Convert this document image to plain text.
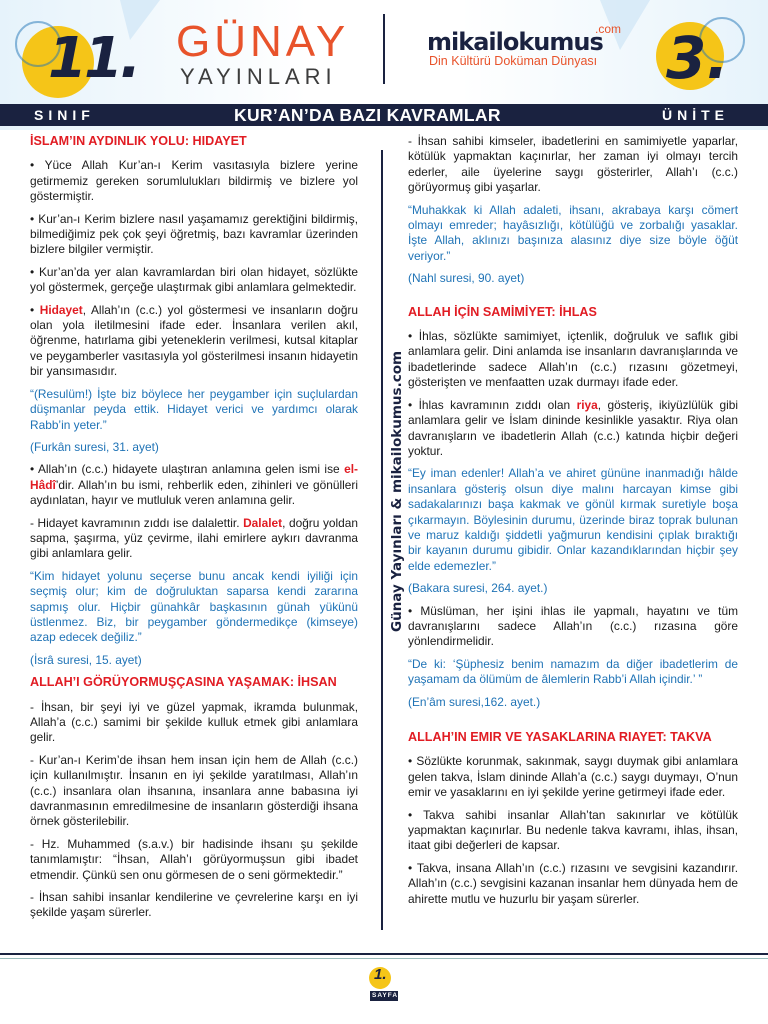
11. GÜNAY
YAYINLARI
.com
mikailokumus
Din Kültürü Doküman Dünyası	3.
SINIF	KUR’AN’DA BAZI KAVRAMLAR	ÜNİTE
İSLAM’IN AYDINLIK YOLU: HIDAYET

• Yüce Allah Kur’an-ı Kerim vasıtasıyla bizlere yerine getirmemiz gereken sorumlulukları bildirmiş ve bizlere yol göstermiştir.

• Kur’an-ı Kerim bizlere nasıl yaşamamız gerektiğini bildirmiş, bilmediğimiz pek çok şeyi öğretmiş, bazı kavramlar üzerinden bizlere bilgiler vermiştir.

• Kur’an’da yer alan kavramlardan biri olan hidayet, sözlükte yol göstermek, gerçeğe ulaştırmak gibi anlamlara gelmektedir.

• Hidayet, Allah’ın (c.c.) yol göstermesi ve insanların doğru olan yola iletilmesini ifade eder. İnsanlara verilen akıl, öğrenme, hatırlama gibi yeteneklerin verilmesi, kutsal kitaplar ve peygamberler vasıtasıyla yol gösterilmesi insanın hidayetin bir yansımasıdır.

“(Resulüm!) İşte biz böylece her peygamber için suçlulardan düşmanlar peyda ettik. Hidayet verici ve yardımcı olarak Rabb’in yeter.”

(Furkân suresi, 31. ayet)

• Allah’ın (c.c.) hidayete ulaştıran anlamına gelen ismi ise el-Hâdî’dir. Allah’ın bu ismi, rehberlik eden, zihinleri ve gönülleri aydınlatan, hayır ve mutluluk veren anlamına gelir.

- Hidayet kavramının zıddı ise dalalettir. Dalalet, doğru yoldan sapma, şaşırma, yüz çevirme, ilahi emirlere aykırı davranma gibi anlamlara gelir.

“Kim hidayet yolunu seçerse bunu ancak kendi iyiliği için seçmiş olur; kim de doğruluktan saparsa kendi zararına sapmış olur. Hiçbir günahkâr başkasının günah yükünü üstlenmez. Biz, bir peygamber göndermedikçe (kimseye) azap edecek değiliz.”

(İsrâ suresi, 15. ayet)

ALLAH’I GÖRÜYORMUŞÇASINA YAŞAMAK: İHSAN

- İhsan, bir şeyi iyi ve güzel yapmak, ikramda bulunmak, Allah’a (c.c.) samimi bir şekilde kulluk etmek gibi anlamlara gelir.

- Kur’an-ı Kerim’de ihsan hem insan için hem de Allah (c.c.) için kullanılmıştır. İnsanın en iyi şekilde yaratılması, Allah’ın (c.c.) insanlara olan ihsanına, insanlara anne babasına iyi davranmasının emredilmesine de insanların gösterdiği ihsana örnek gösterilebilir.

- Hz. Muhammed (s.a.v.) bir hadisinde ihsanı şu şekilde tanımlamıştır: “İhsan, Allah’ı görüyormuşsun gibi ibadet etmendir. Çünkü sen onu görmesen de o seni görmektedir.”

- İhsan sahibi insanlar kendilerine ve çevrelerine karşı en iyi şekilde yaşam sürerler.

- İhsan sahibi kimseler, ibadetlerini en samimiyetle yaparlar, kötülük yapmaktan kaçınırlar, her zaman iyi olmayı tercih ederler, aile üyelerine saygı gösterirler, Allah’ı (c.c.) görüyormuş gibi yaşarlar.

“Muhakkak ki Allah adaleti, ihsanı, akrabaya karşı cömert olmayı emreder; hayâsızlığı, kötülüğü ve zorbalığı yasaklar. İşte Allah, aklınızı başınıza alasınız diye size böyle öğüt veriyor.”

(Nahl suresi, 90. ayet)

ALLAH İÇİN SAMİMİYET: İHLAS

• İhlas, sözlükte samimiyet, içtenlik, doğruluk ve saflık gibi anlamlara gelir. Dini anlamda ise insanların davranışlarında ve ibadetlerinde sadece Allah’ın (c.c.) rızasını gözetmeyi, gösterişten ve menfaatten uzak durmayı ifade eder.

• İhlas kavramının zıddı olan riya, gösteriş, ikiyüzlülük gibi anlamlara gelir ve İslam dininde kesinlikle yasaktır. Riya olan davranışların ve ibadetlerin Allah (c.c.) katında hiçbir değeri yoktur.

“Ey iman edenler! Allah’a ve ahiret gününe inanmadığı hâlde insanlara gösteriş olsun diye malını harcayan kimse gibi sadakalarınızı başa kakmak ve gönül kırmak suretiyle boşa çıkarmayın. Böylesinin durumu, üzerinde biraz toprak bulunan ve maruz kaldığı şiddetli yağmurun kendisini çıplak bıraktığı bir kayanın durumu gibidir. Onlar kazandıklarından hiçbir şey elde edemezler.”

(Bakara suresi, 264. ayet.)

• Müslüman, her işini ihlas ile yapmalı, hayatını ve tüm davranışlarını sadece Allah’ın (c.c.) rızasına göre yönlendirmelidir.

“De ki: ‘Şüphesiz benim namazım da diğer ibadetlerim de yaşamam da ölümüm de âlemlerin Rabb’i Allah içindir.’ ”

(En’âm suresi,162. ayet.)

ALLAH’IN EMIR VE YASAKLARINA RIAYET: TAKVA

• Sözlükte korunmak, sakınmak, saygı duymak gibi anlamlara gelen takva, İslam dininde Allah’a (c.c.) saygı duymayı, O’nun emir ve yasaklarını en iyi şekilde yerine getirmeyi ifade eder.

• Takva sahibi insanlar Allah’tan sakınırlar ve kötülük yapmaktan kaçınırlar. Bu nedenle takva kavramı, ihlas, ihsan, itaat gibi değerleri de kapsar.

• Takva, insana Allah’ın (c.c.) rızasını ve sevgisini kazandırır. Allah’ın (c.c.) sevgisini kazanan insanlar hem dünyada hem de ahirette mutlu ve huzurlu bir yaşam sürerler.

Günay Yayınları & mikailokumus.com
1.
SAYFA
